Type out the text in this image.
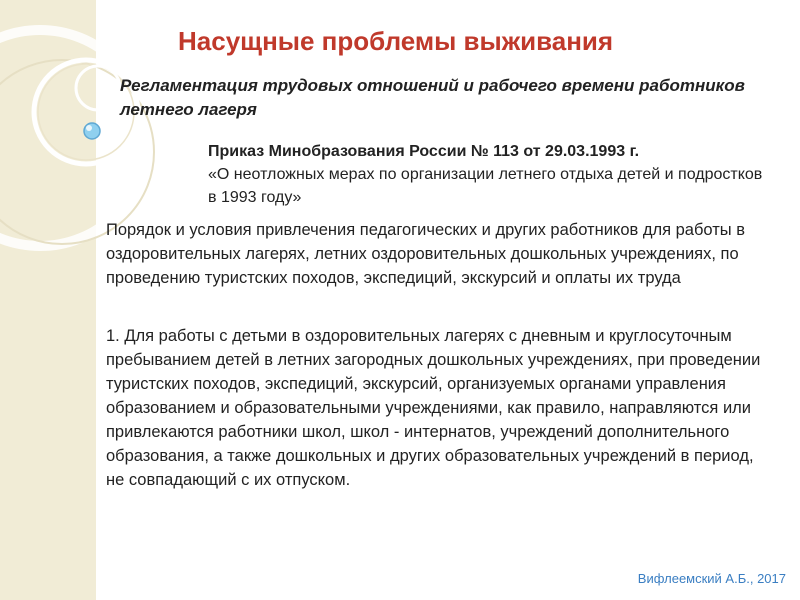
Насущные проблемы выживания
Регламентация трудовых отношений и рабочего времени работников летнего лагеря
Приказ Минобразования России № 113 от 29.03.1993 г.
«О неотложных мерах по организации летнего отдыха детей и подростков в 1993 году»
Порядок и условия привлечения педагогических и других работников для работы в оздоровительных лагерях, летних оздоровительных дошкольных учреждениях, по проведению туристских походов, экспедиций, экскурсий и оплаты их труда
1. Для работы с детьми в оздоровительных лагерях с дневным и круглосуточным пребыванием детей в летних загородных дошкольных учреждениях, при проведении туристских походов, экспедиций, экскурсий, организуемых органами управления образованием и образовательными учреждениями, как правило, направляются или привлекаются работники школ, школ - интернатов, учреждений дополнительного образования, а также дошкольных и других образовательных учреждений в период, не совпадающий с их отпуском.
Вифлеемский А.Б., 2017
